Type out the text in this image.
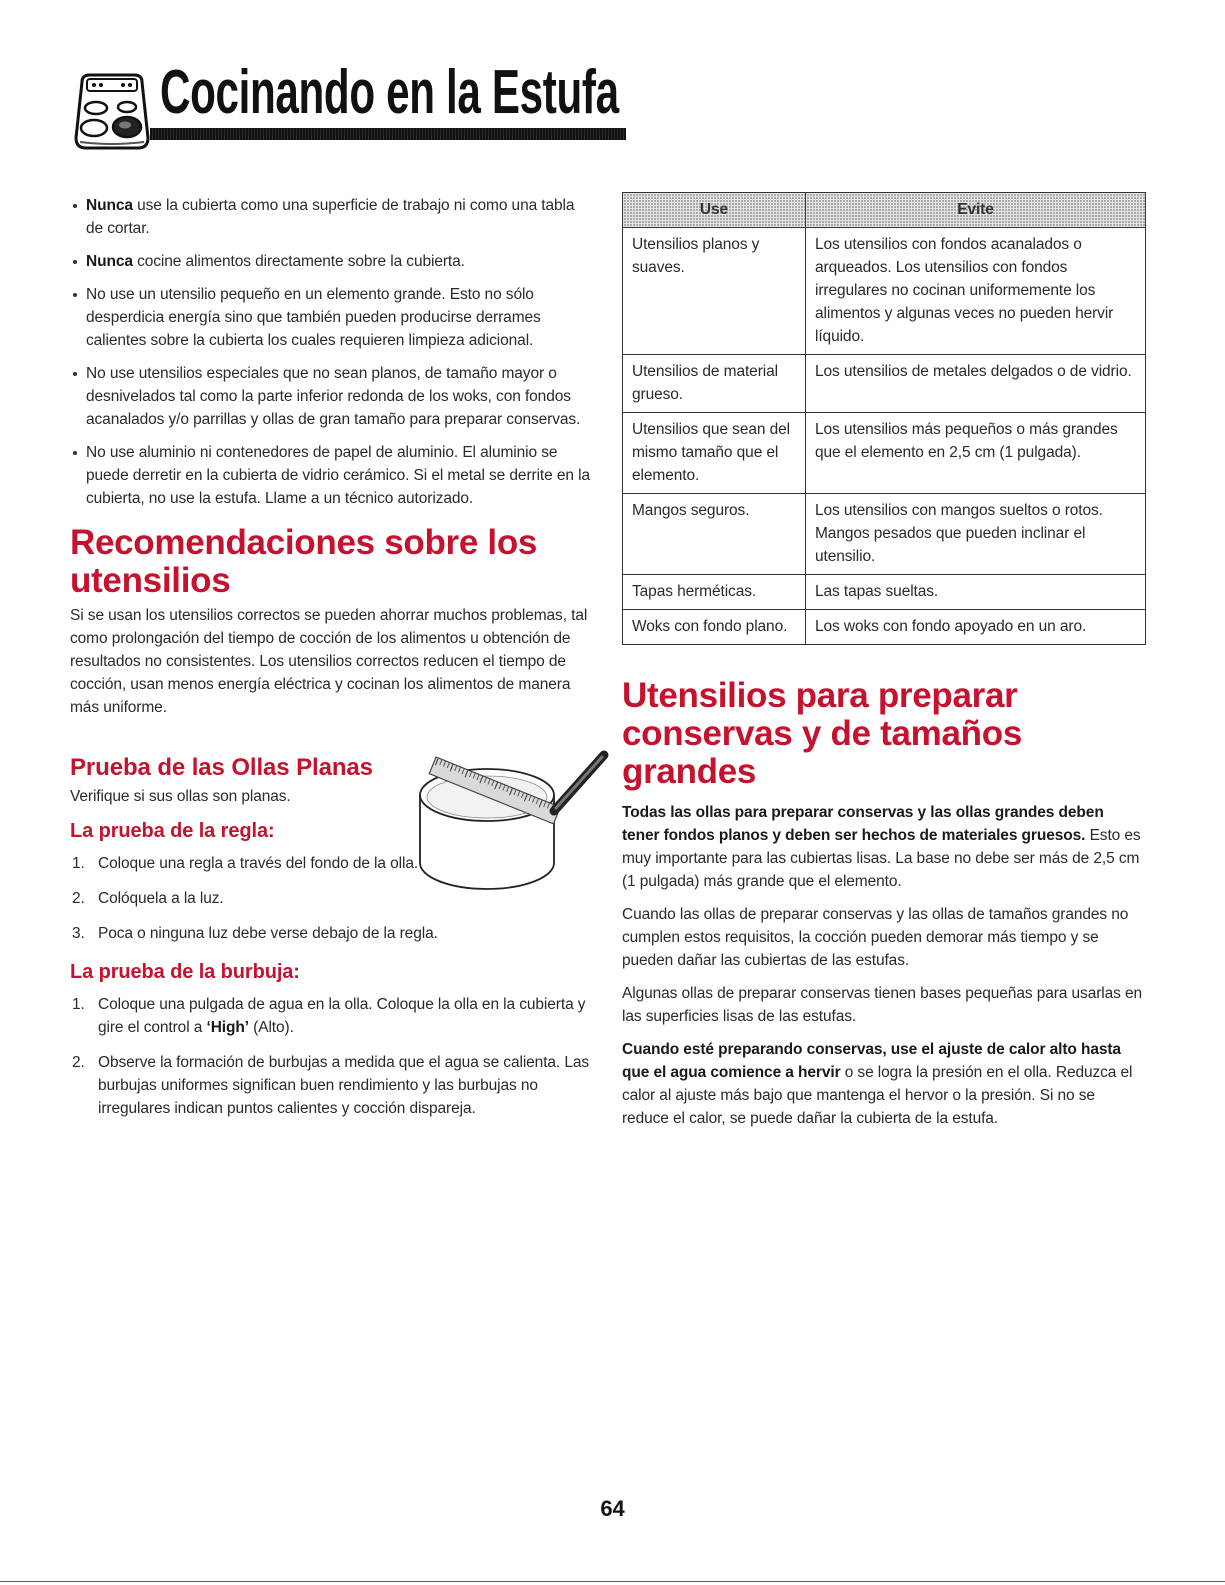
Cocinando en la Estufa
Nunca use la cubierta como una superficie de trabajo ni como una tabla de cortar.
Nunca cocine alimentos directamente sobre la cubierta.
No use un utensilio pequeño en un elemento grande. Esto no sólo desperdicia energía sino que también pueden producirse derrames calientes sobre la cubierta los cuales requieren limpieza adicional.
No use utensilios especiales que no sean planos, de tamaño mayor o desnivelados tal como la parte inferior redonda de los woks, con fondos acanalados y/o parrillas y ollas de gran tamaño para preparar conservas.
No use aluminio ni contenedores de papel de aluminio. El aluminio se puede derretir en la cubierta de vidrio cerámico. Si el metal se derrite en la cubierta, no use la estufa. Llame a un técnico autorizado.
Recomendaciones sobre los utensilios

Si se usan los utensilios correctos se pueden ahorrar muchos problemas, tal como prolongación del tiempo de cocción de los alimentos u obtención de resultados no consistentes. Los utensilios correctos reducen el tiempo de cocción, usan menos energía eléctrica y cocinan los alimentos de manera más uniforme.

Prueba de las Ollas Planas

Verifique si sus ollas son planas.

La prueba de la regla:
1. Coloque una regla a través del fondo de la olla.
2. Colóquela a la luz.
3. Poca o ninguna luz debe verse debajo de la regla.
La prueba de la burbuja:
1. Coloque una pulgada de agua en la olla. Coloque la olla en la cubierta y gire el control a ‘High’ (Alto).
2. Observe la formación de burbujas a medida que el agua se calienta. Las burbujas uniformes significan buen rendimiento y las burbujas no irregulares indican puntos calientes y cocción dispareja.
Use	Evite
Utensilios planos y suaves.	Los utensilios con fondos acanalados o arqueados. Los utensilios con fondos irregulares no cocinan uniformemente los alimentos y algunas veces no pueden hervir líquido.
Utensilios de material grueso.	Los utensilios de metales delgados o de vidrio.
Utensilios que sean del mismo tamaño que el elemento.	Los utensilios más pequeños o más grandes que el elemento en 2,5 cm (1 pulgada).
Mangos seguros.	Los utensilios con mangos sueltos o rotos. Mangos pesados que pueden inclinar el utensilio.
Tapas herméticas.	Las tapas sueltas.
Woks con fondo plano.	Los woks con fondo apoyado en un aro.
Utensilios para preparar conservas y de tamaños grandes

Todas las ollas para preparar conservas y las ollas grandes deben tener fondos planos y deben ser hechos de materiales gruesos. Esto es muy importante para las cubiertas lisas. La base no debe ser más de 2,5 cm (1 pulgada) más grande que el elemento.

Cuando las ollas de preparar conservas y las ollas de tamaños grandes no cumplen estos requisitos, la cocción pueden demorar más tiempo y se pueden dañar las cubiertas de las estufas.

Algunas ollas de preparar conservas tienen bases pequeñas para usarlas en las superficies lisas de las estufas.

Cuando esté preparando conservas, use el ajuste de calor alto hasta que el agua comience a hervir o se logra la presión en el olla. Reduzca el calor al ajuste más bajo que mantenga el hervor o la presión. Si no se reduce el calor, se puede dañar la cubierta de la estufa.

64
